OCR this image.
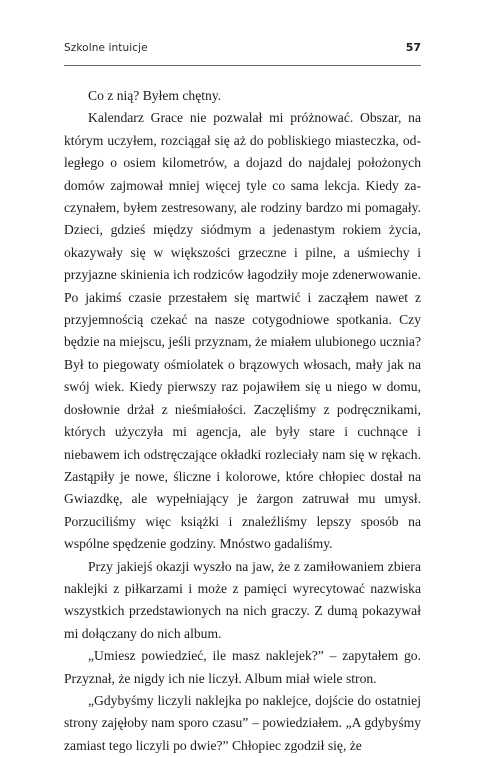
Szkolne intuicje	57

Co z nią? Byłem chętny.

Kalendarz Grace nie pozwalał mi próżnować. Obszar, na którym uczyłem, rozciągał się aż do pobliskiego miasteczka, odległego o osiem kilometrów, a dojazd do najdalej położonych domów zajmował mniej więcej tyle co sama lekcja. Kiedy zaczynałem, byłem zestresowany, ale rodziny bardzo mi pomagały. Dzieci, gdzieś między siódmym a jedenastym rokiem życia, okazywały się w większości grzeczne i pilne, a uśmiechy i przyjazne skinienia ich rodziców łagodziły moje zdenerwowanie. Po jakimś czasie przestałem się martwić i zacząłem nawet z przyjemnością czekać na nasze cotygodniowe spotkania. Czy będzie na miejscu, jeśli przyznam, że miałem ulubionego ucznia? Był to piegowaty ośmiolatek o brązowych włosach, mały jak na swój wiek. Kiedy pierwszy raz pojawiłem się u niego w domu, dosłownie drżał z nieśmiałości. Zaczęliśmy z podręcznikami, których użyczyła mi agencja, ale były stare i cuchnące i niebawem ich odstręczające okładki rozleciały nam się w rękach. Zastąpiły je nowe, śliczne i kolorowe, które chłopiec dostał na Gwiazdkę, ale wypełniający je żargon zatruwał mu umysł. Porzuciliśmy więc książki i znaleźliśmy lepszy sposób na wspólne spędzenie godziny. Mnóstwo gadaliśmy.

Przy jakiejś okazji wyszło na jaw, że z zamiłowaniem zbiera naklejki z piłkarzami i może z pamięci wyrecytować nazwiska wszystkich przedstawionych na nich graczy. Z dumą pokazywał mi dołączany do nich album.

„Umiesz powiedzieć, ile masz naklejek?” – zapytałem go. Przyznał, że nigdy ich nie liczył. Album miał wiele stron.

„Gdybyśmy liczyli naklejka po naklejce, dojście do ostatniej strony zajęłoby nam sporo czasu” – powiedziałem. „A gdybyśmy zamiast tego liczyli po dwie?” Chłopiec zgodził się, że
